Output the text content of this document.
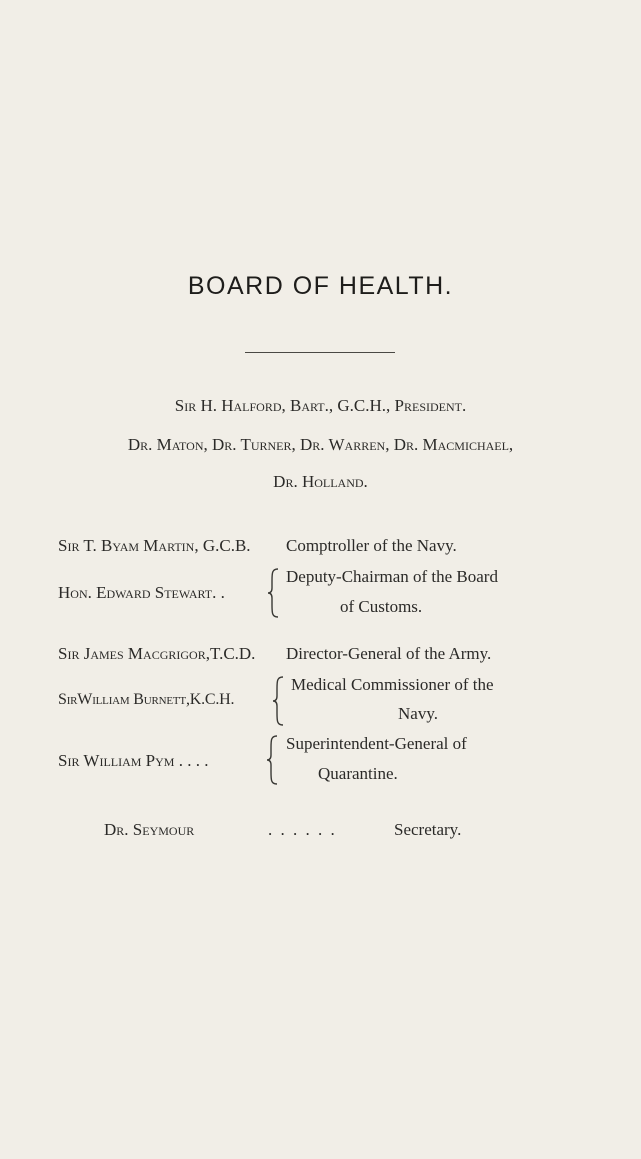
BOARD OF HEALTH.
Sir H. Halford, Bart., G.C.H., President.
Dr. Maton, Dr. Turner, Dr. Warren, Dr. Macmichael,
Dr. Holland.
Sir T. Byam Martin, G.C.B. Comptroller of the Navy.
Hon. Edward Stewart. .
Deputy-Chairman of the Board
of Customs.
Sir James Macgrigor,T.C.D. Director-General of the Army.
SirWilliam Burnett,K.C.H.
Medical Commissioner of the
Navy.
Sir William Pym . . . .
Superintendent-General of
Quarantine.
Dr. Seymour	. . . . . .	Secretary.
